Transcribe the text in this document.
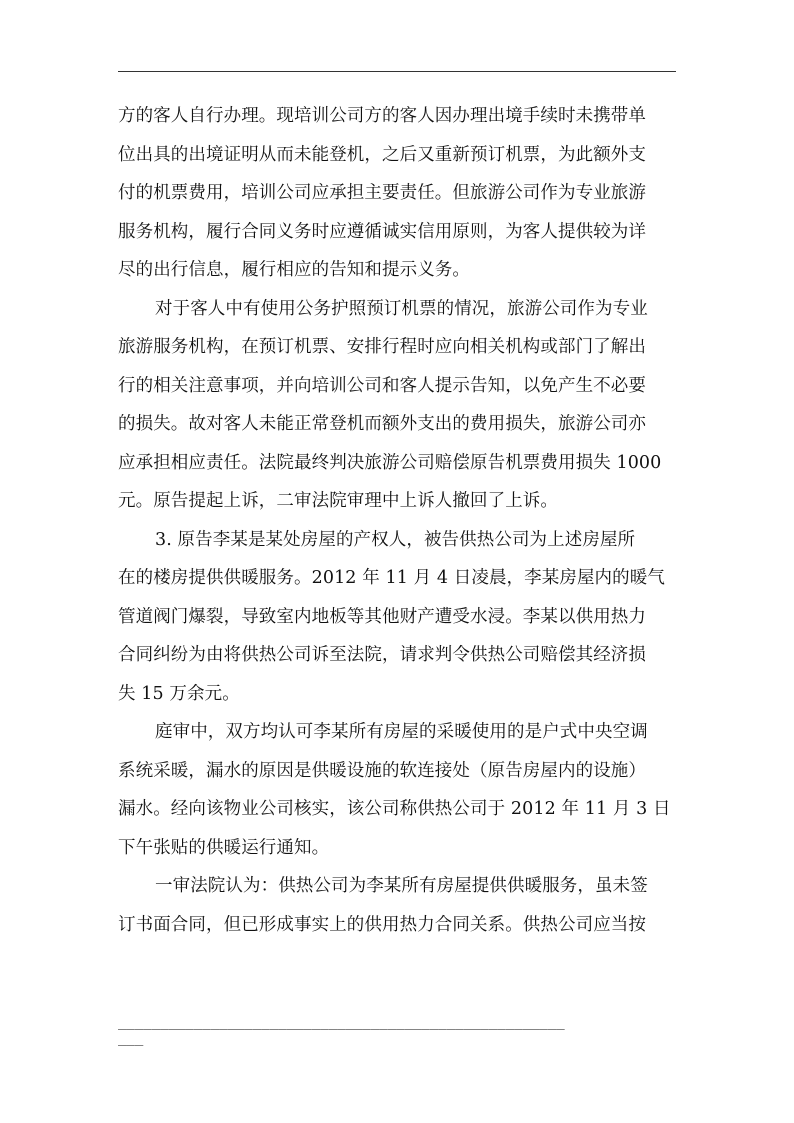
方的客人自行办理。现培训公司方的客人因办理出境手续时未携带单
位出具的出境证明从而未能登机，之后又重新预订机票，为此额外支
付的机票费用，培训公司应承担主要责任。但旅游公司作为专业旅游
服务机构，履行合同义务时应遵循诚实信用原则，为客人提供较为详
尽的出行信息，履行相应的告知和提示义务。
对于客人中有使用公务护照预订机票的情况，旅游公司作为专业
旅游服务机构，在预订机票、安排行程时应向相关机构或部门了解出
行的相关注意事项，并向培训公司和客人提示告知，以免产生不必要
的损失。故对客人未能正常登机而额外支出的费用损失，旅游公司亦
应承担相应责任。法院最终判决旅游公司赔偿原告机票费用损失 1000
元。原告提起上诉，二审法院审理中上诉人撤回了上诉。
3. 原告李某是某处房屋的产权人，被告供热公司为上述房屋所
在的楼房提供供暖服务。2012 年 11 月 4 日凌晨，李某房屋内的暖气
管道阀门爆裂，导致室内地板等其他财产遭受水浸。李某以供用热力
合同纠纷为由将供热公司诉至法院，请求判令供热公司赔偿其经济损
失 15 万余元。
庭审中，双方均认可李某所有房屋的采暖使用的是户式中央空调
系统采暖，漏水的原因是供暖设施的软连接处（原告房屋内的设施）
漏水。经向该物业公司核实，该公司称供热公司于 2012 年 11 月 3 日
下午张贴的供暖运行通知。
一审法院认为：供热公司为李某所有房屋提供供暖服务，虽未签
订书面合同，但已形成事实上的供用热力合同关系。供热公司应当按
_____________________________________________________
___
